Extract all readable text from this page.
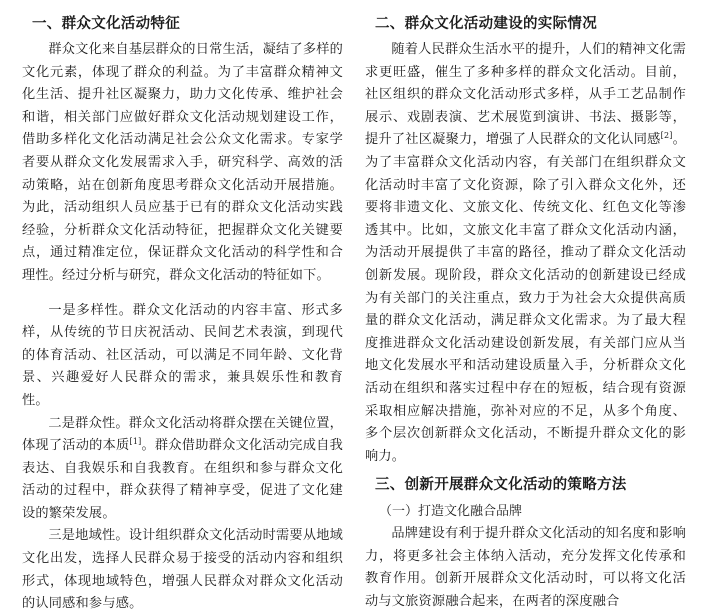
一、群众文化活动特征

群众文化来自基层群众的日常生活，凝结了多样的文化元素，体现了群众的利益。为了丰富群众精神文化生活、提升社区凝聚力，助力文化传承、维护社会和谐，相关部门应做好群众文化活动规划建设工作，借助多样化文化活动满足社会公众文化需求。专家学者要从群众文化发展需求入手，研究科学、高效的活动策略，站在创新角度思考群众文化活动开展措施。为此，活动组织人员应基于已有的群众文化活动实践经验，分析群众文化活动特征，把握群众文化关键要点，通过精准定位，保证群众文化活动的科学性和合理性。经过分析与研究，群众文化活动的特征如下。

一是多样性。群众文化活动的内容丰富、形式多样，从传统的节日庆祝活动、民间艺术表演，到现代的体育活动、社区活动，可以满足不同年龄、文化背景、兴趣爱好人民群众的需求，兼具娱乐性和教育性。

二是群众性。群众文化活动将群众摆在关键位置，体现了活动的本质[1]。群众借助群众文化活动完成自我表达、自我娱乐和自我教育。在组织和参与群众文化活动的过程中，群众获得了精神享受，促进了文化建设的繁荣发展。

三是地域性。设计组织群众文化活动时需要从地域文化出发，选择人民群众易于接受的活动内容和组织形式，体现地域特色，增强人民群众对群众文化活动的认同感和参与感。

二、群众文化活动建设的实际情况

随着人民群众生活水平的提升，人们的精神文化需求更旺盛，催生了多种多样的群众文化活动。目前，社区组织的群众文化活动形式多样，从手工艺品制作展示、戏剧表演、艺术展览到演讲、书法、摄影等，提升了社区凝聚力，增强了人民群众的文化认同感[2]。为了丰富群众文化活动内容，有关部门在组织群众文化活动时丰富了文化资源，除了引入群众文化外，还要将非遗文化、文旅文化、传统文化、红色文化等渗透其中。比如，文旅文化丰富了群众文化活动内涵，为活动开展提供了丰富的路径，推动了群众文化活动创新发展。现阶段，群众文化活动的创新建设已经成为有关部门的关注重点，致力于为社会大众提供高质量的群众文化活动，满足群众文化需求。为了最大程度推进群众文化活动建设创新发展，有关部门应从当地文化发展水平和活动建设质量入手，分析群众文化活动在组织和落实过程中存在的短板，结合现有资源采取相应解决措施，弥补对应的不足，从多个角度、多个层次创新群众文化活动，不断提升群众文化的影响力。

三、创新开展群众文化活动的策略方法
（一）打造文化融合品牌

品牌建设有利于提升群众文化活动的知名度和影响力，将更多社会主体纳入活动，充分发挥文化传承和教育作用。创新开展群众文化活动时，可以将文化活动与文旅资源融合起来，在两者的深度融合
